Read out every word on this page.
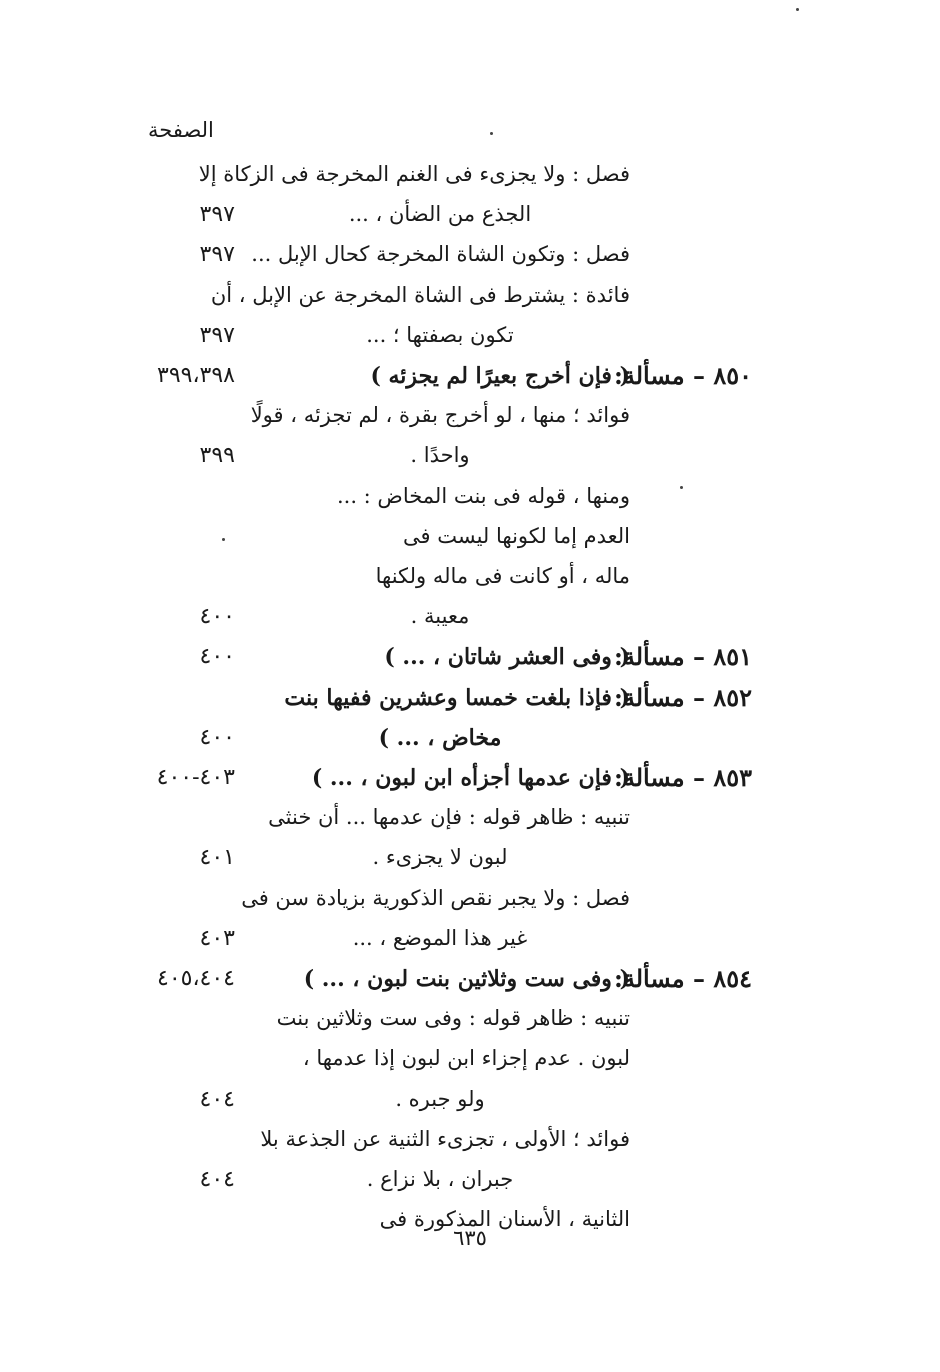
الصفحة
فصل : ولا يجزىء فى الغنم المخرجة فى الزكاة إلا
الجذع من الضأن ، ...
٣٩٧
فصل : وتكون الشاة المخرجة كحال الإبل ...
٣٩٧
فائدة : يشترط فى الشاة المخرجة عن الإبل ، أن
تكون بصفتها ؛ ...
٣٩٧
٨٥٠ – مسألة:
( فإن أخرج بعيرًا لم يجزئه )
٣٩٩،٣٩٨
فوائد ؛ منها ، لو أخرج بقرة ، لم تجزئه ، قولًا
واحدًا .
٣٩٩
ومنها ، قوله فى بنت المخاض : ...
العدم إما لكونها ليست فى
ماله ، أو كانت فى ماله ولكنها
معيبة .
٤٠٠
٨٥١ – مسألة:
( وفى العشر شاتان ، ... )
٤٠٠
٨٥٢ – مسألة:
( فإذا بلغت خمسا وعشرين ففيها بنت
مخاض ، ... )
٤٠٠
٨٥٣ – مسألة:
( فإن عدمها أجزأه ابن لبون ، ... )
٤٠٣-٤٠٠
تنبيه : ظاهر قوله : فإن عدمها ... أن خنثى
لبون لا يجزىء .
٤٠١
فصل : ولا يجبر نقص الذكورية بزيادة سن فى
غير هذا الموضع ، ...
٤٠٣
٨٥٤ – مسألة:
( وفى ست وثلاثين بنت لبون ، ... )
٤٠٥،٤٠٤
تنبيه : ظاهر قوله : وفى ست وثلاثين بنت
لبون . عدم إجزاء ابن لبون إذا عدمها ،
ولو جبره .
٤٠٤
فوائد ؛ الأولى ، تجزىء الثنية عن الجذعة بلا
جبران ، بلا نزاع .
٤٠٤
الثانية ، الأسنان المذكورة فى
٦٣٥
